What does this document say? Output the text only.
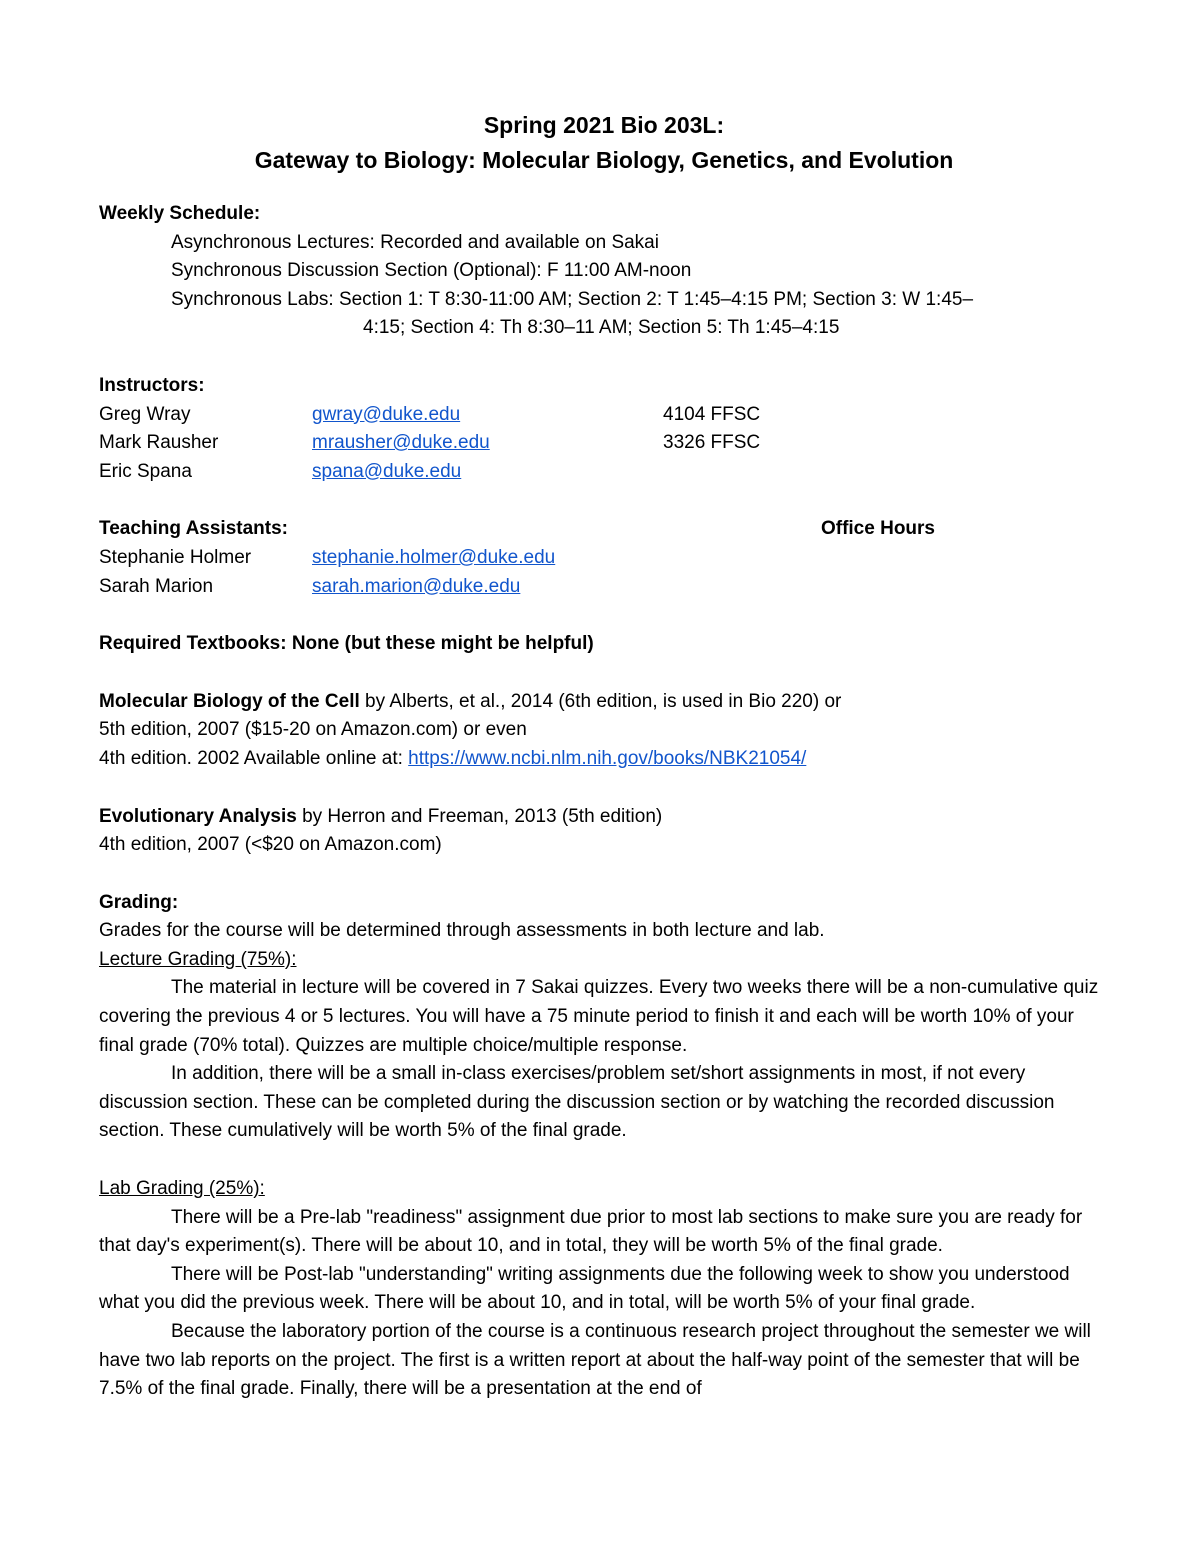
Spring 2021 Bio 203L:

Gateway to Biology: Molecular Biology, Genetics, and Evolution

Weekly Schedule:

Asynchronous Lectures: Recorded and available on Sakai

Synchronous Discussion Section (Optional): F 11:00 AM-noon

Synchronous Labs: Section 1: T 8:30-11:00 AM; Section 2: T 1:45–4:15 PM; Section 3: W 1:45–

4:15; Section 4: Th 8:30–11 AM; Section 5: Th 1:45–4:15

Instructors:

Greg Wray	gwray@duke.edu	4104 FFSC
Mark Rausher	mrausher@duke.edu	3326 FFSC
Eric Spana	spana@duke.edu
Teaching Assistants:	Office Hours
Stephanie Holmer	stephanie.holmer@duke.edu
Sarah Marion	sarah.marion@duke.edu

Required Textbooks: None (but these might be helpful)

Molecular Biology of the Cell by Alberts, et al., 2014 (6th edition, is used in Bio 220) or

5th edition, 2007 ($15-20 on Amazon.com) or even

4th edition. 2002 Available online at: https://www.ncbi.nlm.nih.gov/books/NBK21054/

Evolutionary Analysis by Herron and Freeman, 2013 (5th edition)

4th edition, 2007 (<$20 on Amazon.com)

Grading:

Grades for the course will be determined through assessments in both lecture and lab.

Lecture Grading (75%):

The material in lecture will be covered in 7 Sakai quizzes. Every two weeks there will be a non-cumulative quiz covering the previous 4 or 5 lectures. You will have a 75 minute period to finish it and each will be worth 10% of your final grade (70% total). Quizzes are multiple choice/multiple response.

In addition, there will be a small in-class exercises/problem set/short assignments in most, if not every discussion section. These can be completed during the discussion section or by watching the recorded discussion section. These cumulatively will be worth 5% of the final grade.

Lab Grading (25%):

There will be a Pre-lab "readiness" assignment due prior to most lab sections to make sure you are ready for that day's experiment(s). There will be about 10, and in total, they will be worth 5% of the final grade.

There will be Post-lab "understanding" writing assignments due the following week to show you understood what you did the previous week. There will be about 10, and in total, will be worth 5% of your final grade.

Because the laboratory portion of the course is a continuous research project throughout the semester we will have two lab reports on the project. The first is a written report at about the half-way point of the semester that will be 7.5% of the final grade. Finally, there will be a presentation at the end of
